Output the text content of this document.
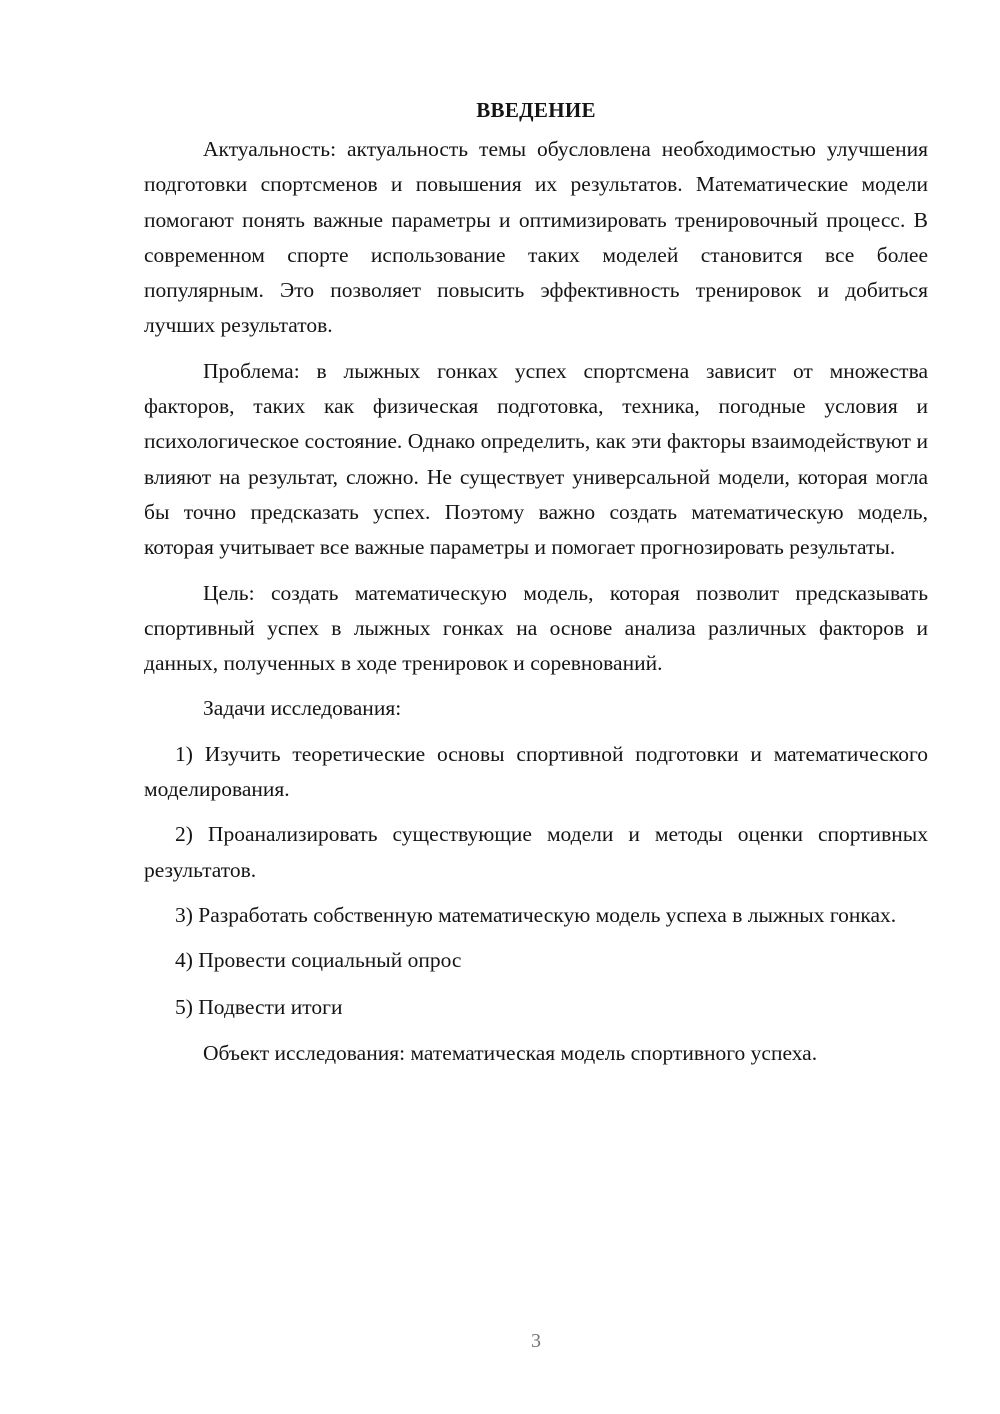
ВВЕДЕНИЕ

Актуальность: актуальность темы обусловлена необходимостью улучшения подготовки спортсменов и повышения их результатов. Математические модели помогают понять важные параметры и оптимизировать тренировочный процесс. В современном спорте использование таких моделей становится все более популярным. Это позволяет повысить эффективность тренировок и добиться лучших результатов.

Проблема: в лыжных гонках успех спортсмена зависит от множества факторов, таких как физическая подготовка, техника, погодные условия и психологическое состояние. Однако определить, как эти факторы взаимодействуют и влияют на результат, сложно. Не существует универсальной модели, которая могла бы точно предсказать успех. Поэтому важно создать математическую модель, которая учитывает все важные параметры и помогает прогнозировать результаты.

Цель: создать математическую модель, которая позволит предсказывать спортивный успех в лыжных гонках на основе анализа различных факторов и данных, полученных в ходе тренировок и соревнований.

Задачи исследования:

1) Изучить теоретические основы спортивной подготовки и математического моделирования.

2) Проанализировать существующие модели и методы оценки спортивных результатов.

3) Разработать собственную математическую модель успеха в лыжных гонках.

4) Провести социальный опрос

5) Подвести итоги

Объект исследования: математическая модель спортивного успеха.

3
